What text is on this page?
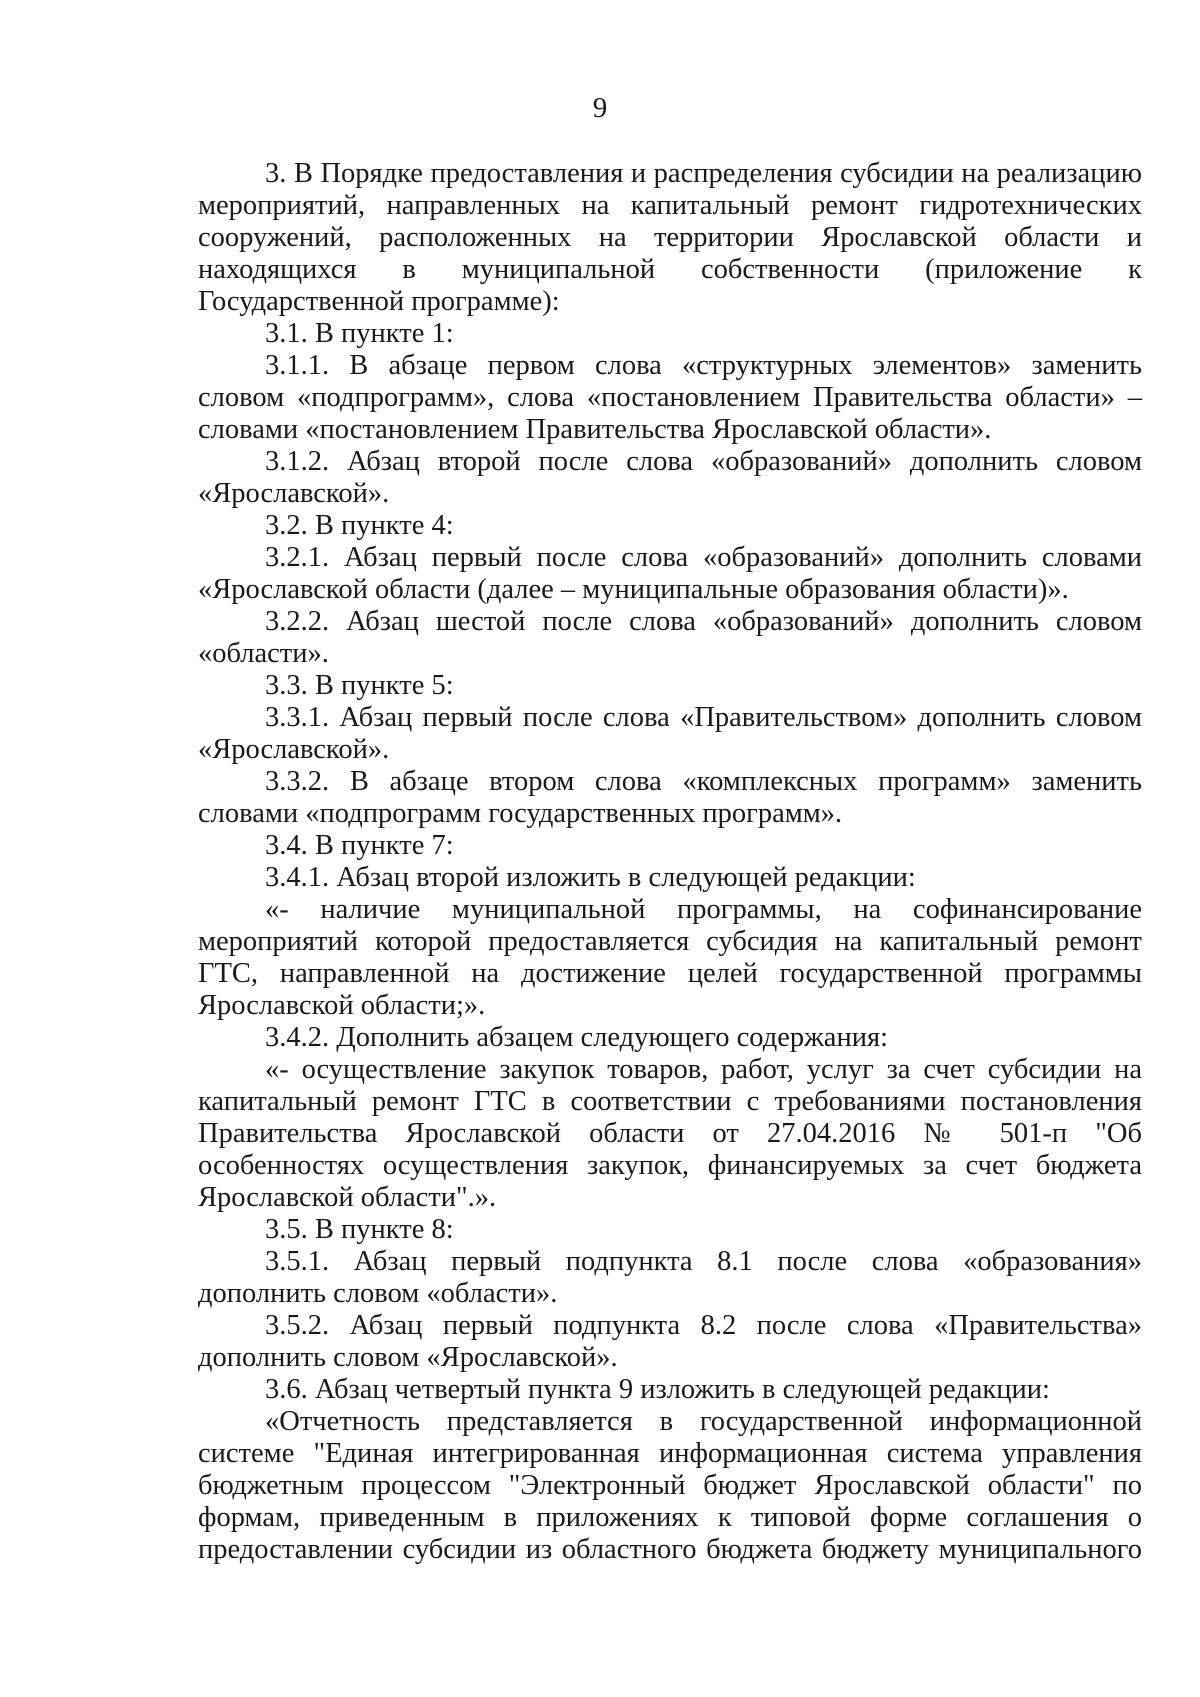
9

3. В Порядке предоставления и распределения субсидии на реализацию мероприятий, направленных на капитальный ремонт гидротехнических сооружений, расположенных на территории Ярославской области и находящихся в муниципальной собственности (приложение к Государственной программе):

3.1. В пункте 1:

3.1.1. В абзаце первом слова «структурных элементов» заменить словом «подпрограмм», слова «постановлением Правительства области» – словами «постановлением Правительства Ярославской области».

3.1.2. Абзац второй после слова «образований» дополнить словом «Ярославской».

3.2. В пункте 4:

3.2.1. Абзац первый после слова «образований» дополнить словами «Ярославской области (далее – муниципальные образования области)».

3.2.2. Абзац шестой после слова «образований» дополнить словом «области».

3.3. В пункте 5:

3.3.1. Абзац первый после слова «Правительством» дополнить словом «Ярославской».

3.3.2. В абзаце втором слова «комплексных программ» заменить словами «подпрограмм государственных программ».

3.4. В пункте 7:

3.4.1. Абзац второй изложить в следующей редакции:

«- наличие муниципальной программы, на софинансирование мероприятий которой предоставляется субсидия на капитальный ремонт ГТС, направленной на достижение целей государственной программы Ярославской области;».

3.4.2. Дополнить абзацем следующего содержания:

«- осуществление закупок товаров, работ, услуг за счет субсидии на капитальный ремонт ГТС в соответствии с требованиями постановления Правительства Ярославской области от 27.04.2016 № 501-п "Об особенностях осуществления закупок, финансируемых за счет бюджета Ярославской области".».

3.5. В пункте 8:

3.5.1. Абзац первый подпункта 8.1 после слова «образования» дополнить словом «области».

3.5.2. Абзац первый подпункта 8.2 после слова «Правительства» дополнить словом «Ярославской».

3.6. Абзац четвертый пункта 9 изложить в следующей редакции:

«Отчетность представляется в государственной информационной системе "Единая интегрированная информационная система управления бюджетным процессом "Электронный бюджет Ярославской области" по формам, приведенным в приложениях к типовой форме соглашения о предоставлении субсидии из областного бюджета бюджету муниципального
